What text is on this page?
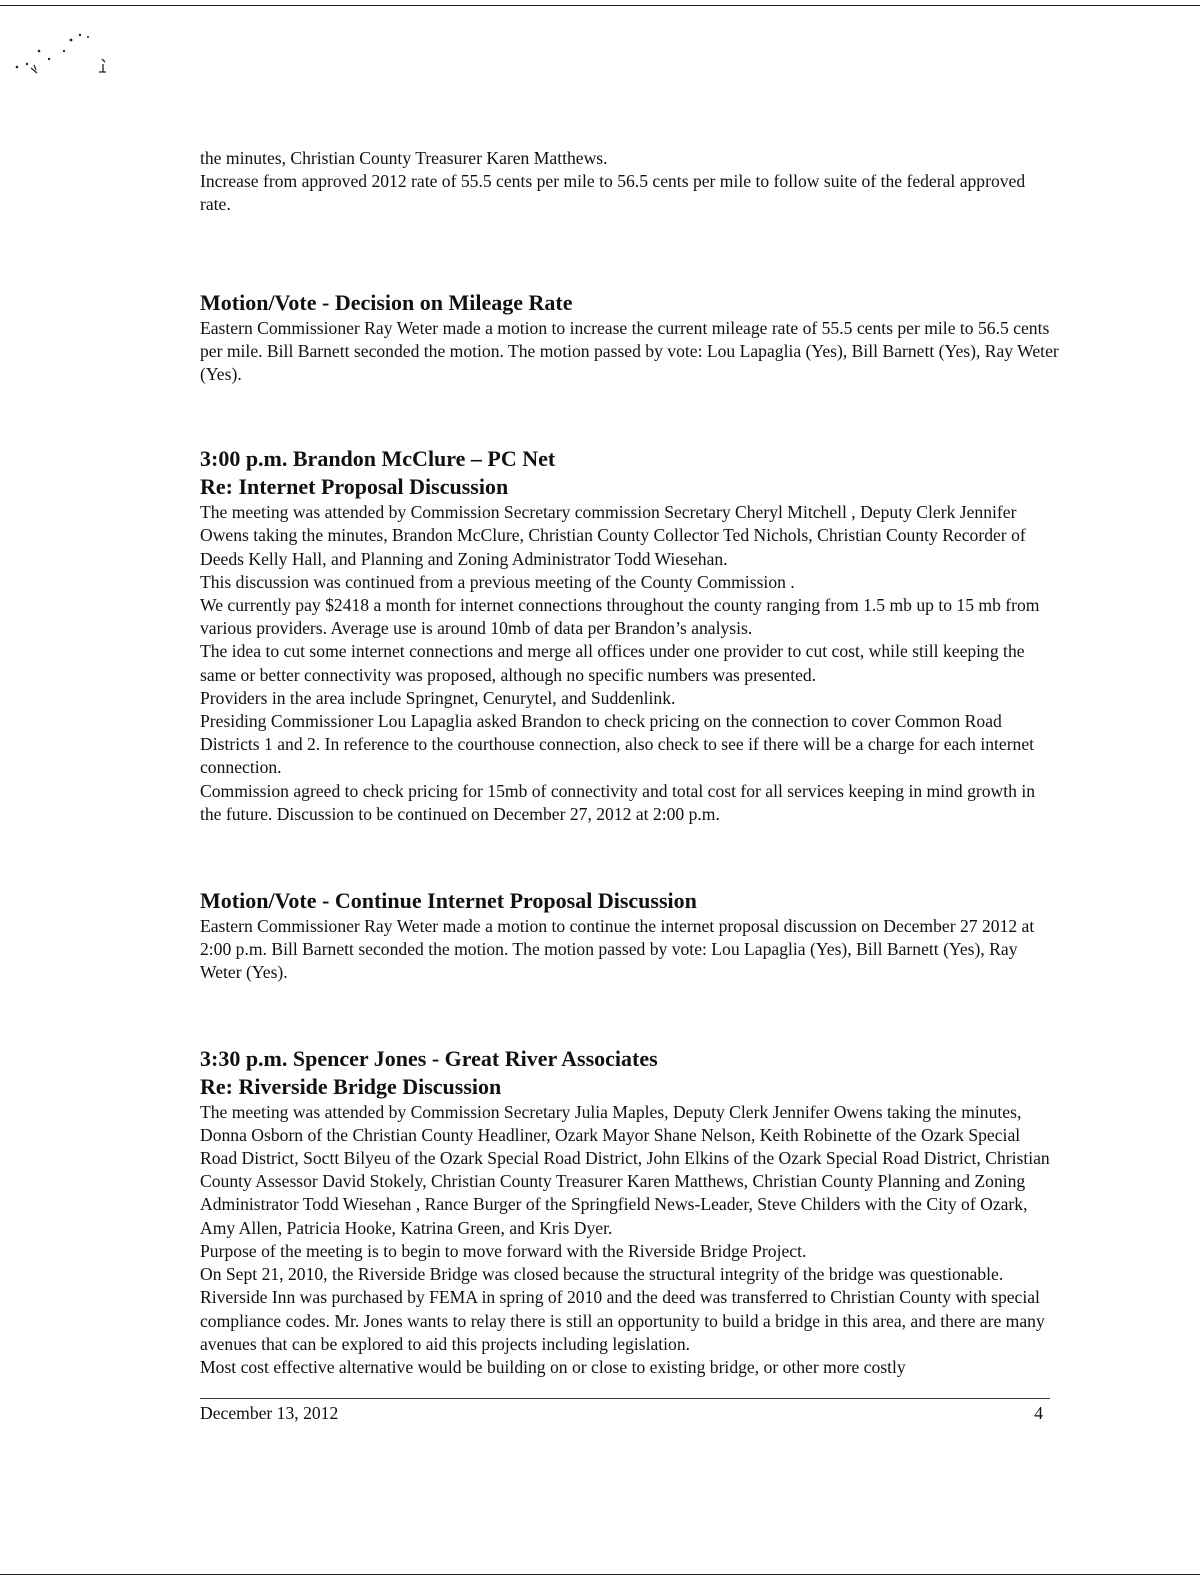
the minutes, Christian County Treasurer Karen Matthews.

Increase from approved 2012 rate of 55.5 cents per mile to 56.5 cents per mile to follow suite of the federal approved rate.

Motion/Vote - Decision on Mileage Rate

Eastern Commissioner Ray Weter made a motion to increase the current mileage rate of 55.5 cents per mile to 56.5 cents per mile. Bill Barnett seconded the motion. The motion passed by vote: Lou Lapaglia (Yes), Bill Barnett (Yes), Ray Weter (Yes).

3:00 p.m. Brandon McClure – PC Net

Re: Internet Proposal Discussion

The meeting was attended by Commission Secretary commission Secretary Cheryl Mitchell , Deputy Clerk Jennifer Owens taking the minutes, Brandon McClure, Christian County Collector Ted Nichols, Christian County Recorder of Deeds Kelly Hall, and Planning and Zoning Administrator Todd Wiesehan.

This discussion was continued from a previous meeting of the County Commission .

We currently pay $2418 a month for internet connections throughout the county ranging from 1.5 mb up to 15 mb from various providers. Average use is around 10mb of data per Brandon’s analysis.

The idea to cut some internet connections and merge all offices under one provider to cut cost, while still keeping the same or better connectivity was proposed, although no specific numbers was presented.

Providers in the area include Springnet, Cenurytel, and Suddenlink.

Presiding Commissioner Lou Lapaglia asked Brandon to check pricing on the connection to cover Common Road Districts 1 and 2. In reference to the courthouse connection, also check to see if there will be a charge for each internet connection.

Commission agreed to check pricing for 15mb of connectivity and total cost for all services keeping in mind growth in the future. Discussion to be continued on December 27, 2012 at 2:00 p.m.

Motion/Vote - Continue Internet Proposal Discussion

Eastern Commissioner Ray Weter made a motion to continue the internet proposal discussion on December 27 2012 at 2:00 p.m. Bill Barnett seconded the motion. The motion passed by vote: Lou Lapaglia (Yes), Bill Barnett (Yes), Ray Weter (Yes).

3:30 p.m. Spencer Jones - Great River Associates

Re: Riverside Bridge Discussion

The meeting was attended by Commission Secretary Julia Maples, Deputy Clerk Jennifer Owens taking the minutes, Donna Osborn of the Christian County Headliner, Ozark Mayor Shane Nelson, Keith Robinette of the Ozark Special Road District, Soctt Bilyeu of the Ozark Special Road District, John Elkins of the Ozark Special Road District, Christian County Assessor David Stokely, Christian County Treasurer Karen Matthews, Christian County Planning and Zoning Administrator Todd Wiesehan , Rance Burger of the Springfield News-Leader, Steve Childers with the City of Ozark, Amy Allen, Patricia Hooke, Katrina Green, and Kris Dyer.

Purpose of the meeting is to begin to move forward with the Riverside Bridge Project.

On Sept 21, 2010, the Riverside Bridge was closed because the structural integrity of the bridge was questionable.

Riverside Inn was purchased by FEMA in spring of 2010 and the deed was transferred to Christian County with special compliance codes. Mr. Jones wants to relay there is still an opportunity to build a bridge in this area, and there are many avenues that can be explored to aid this projects including legislation.

Most cost effective alternative would be building on or close to existing bridge, or other more costly

December 13, 2012	4
